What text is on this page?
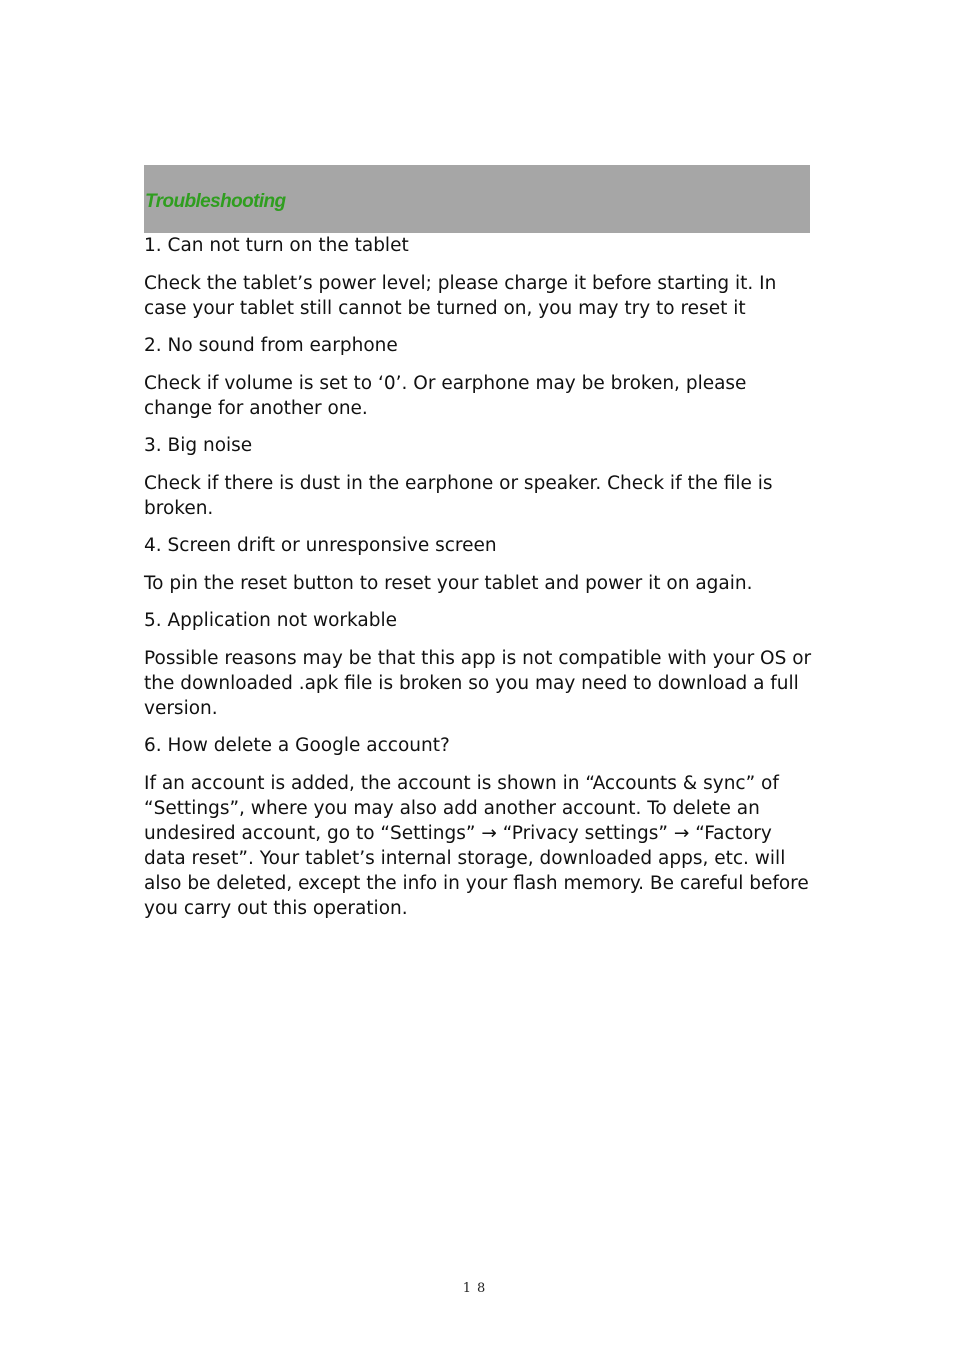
Troubleshooting

1. Can not turn on the tablet

Check the tablet’s power level; please charge it before starting it. In case your tablet still cannot be turned on, you may try to reset it

2. No sound from earphone

Check if volume is set to ‘0’. Or earphone may be broken, please change for another one.

3. Big noise

Check if there is dust in the earphone or speaker. Check if the file is broken.

4. Screen drift or unresponsive screen

To pin the reset button to reset your tablet and power it on again.

5. Application not workable

Possible reasons may be that this app is not compatible with your OS or the downloaded .apk file is broken so you may need to download a full version.

6. How delete a Google account?

If an account is added, the account is shown in “Accounts & sync” of “Settings”, where you may also add another account. To delete an undesired account, go to “Settings” → “Privacy settings” → “Factory data reset”. Your tablet’s internal storage, downloaded apps, etc. will also be deleted, except the info in your flash memory. Be careful before you carry out this operation.

18
